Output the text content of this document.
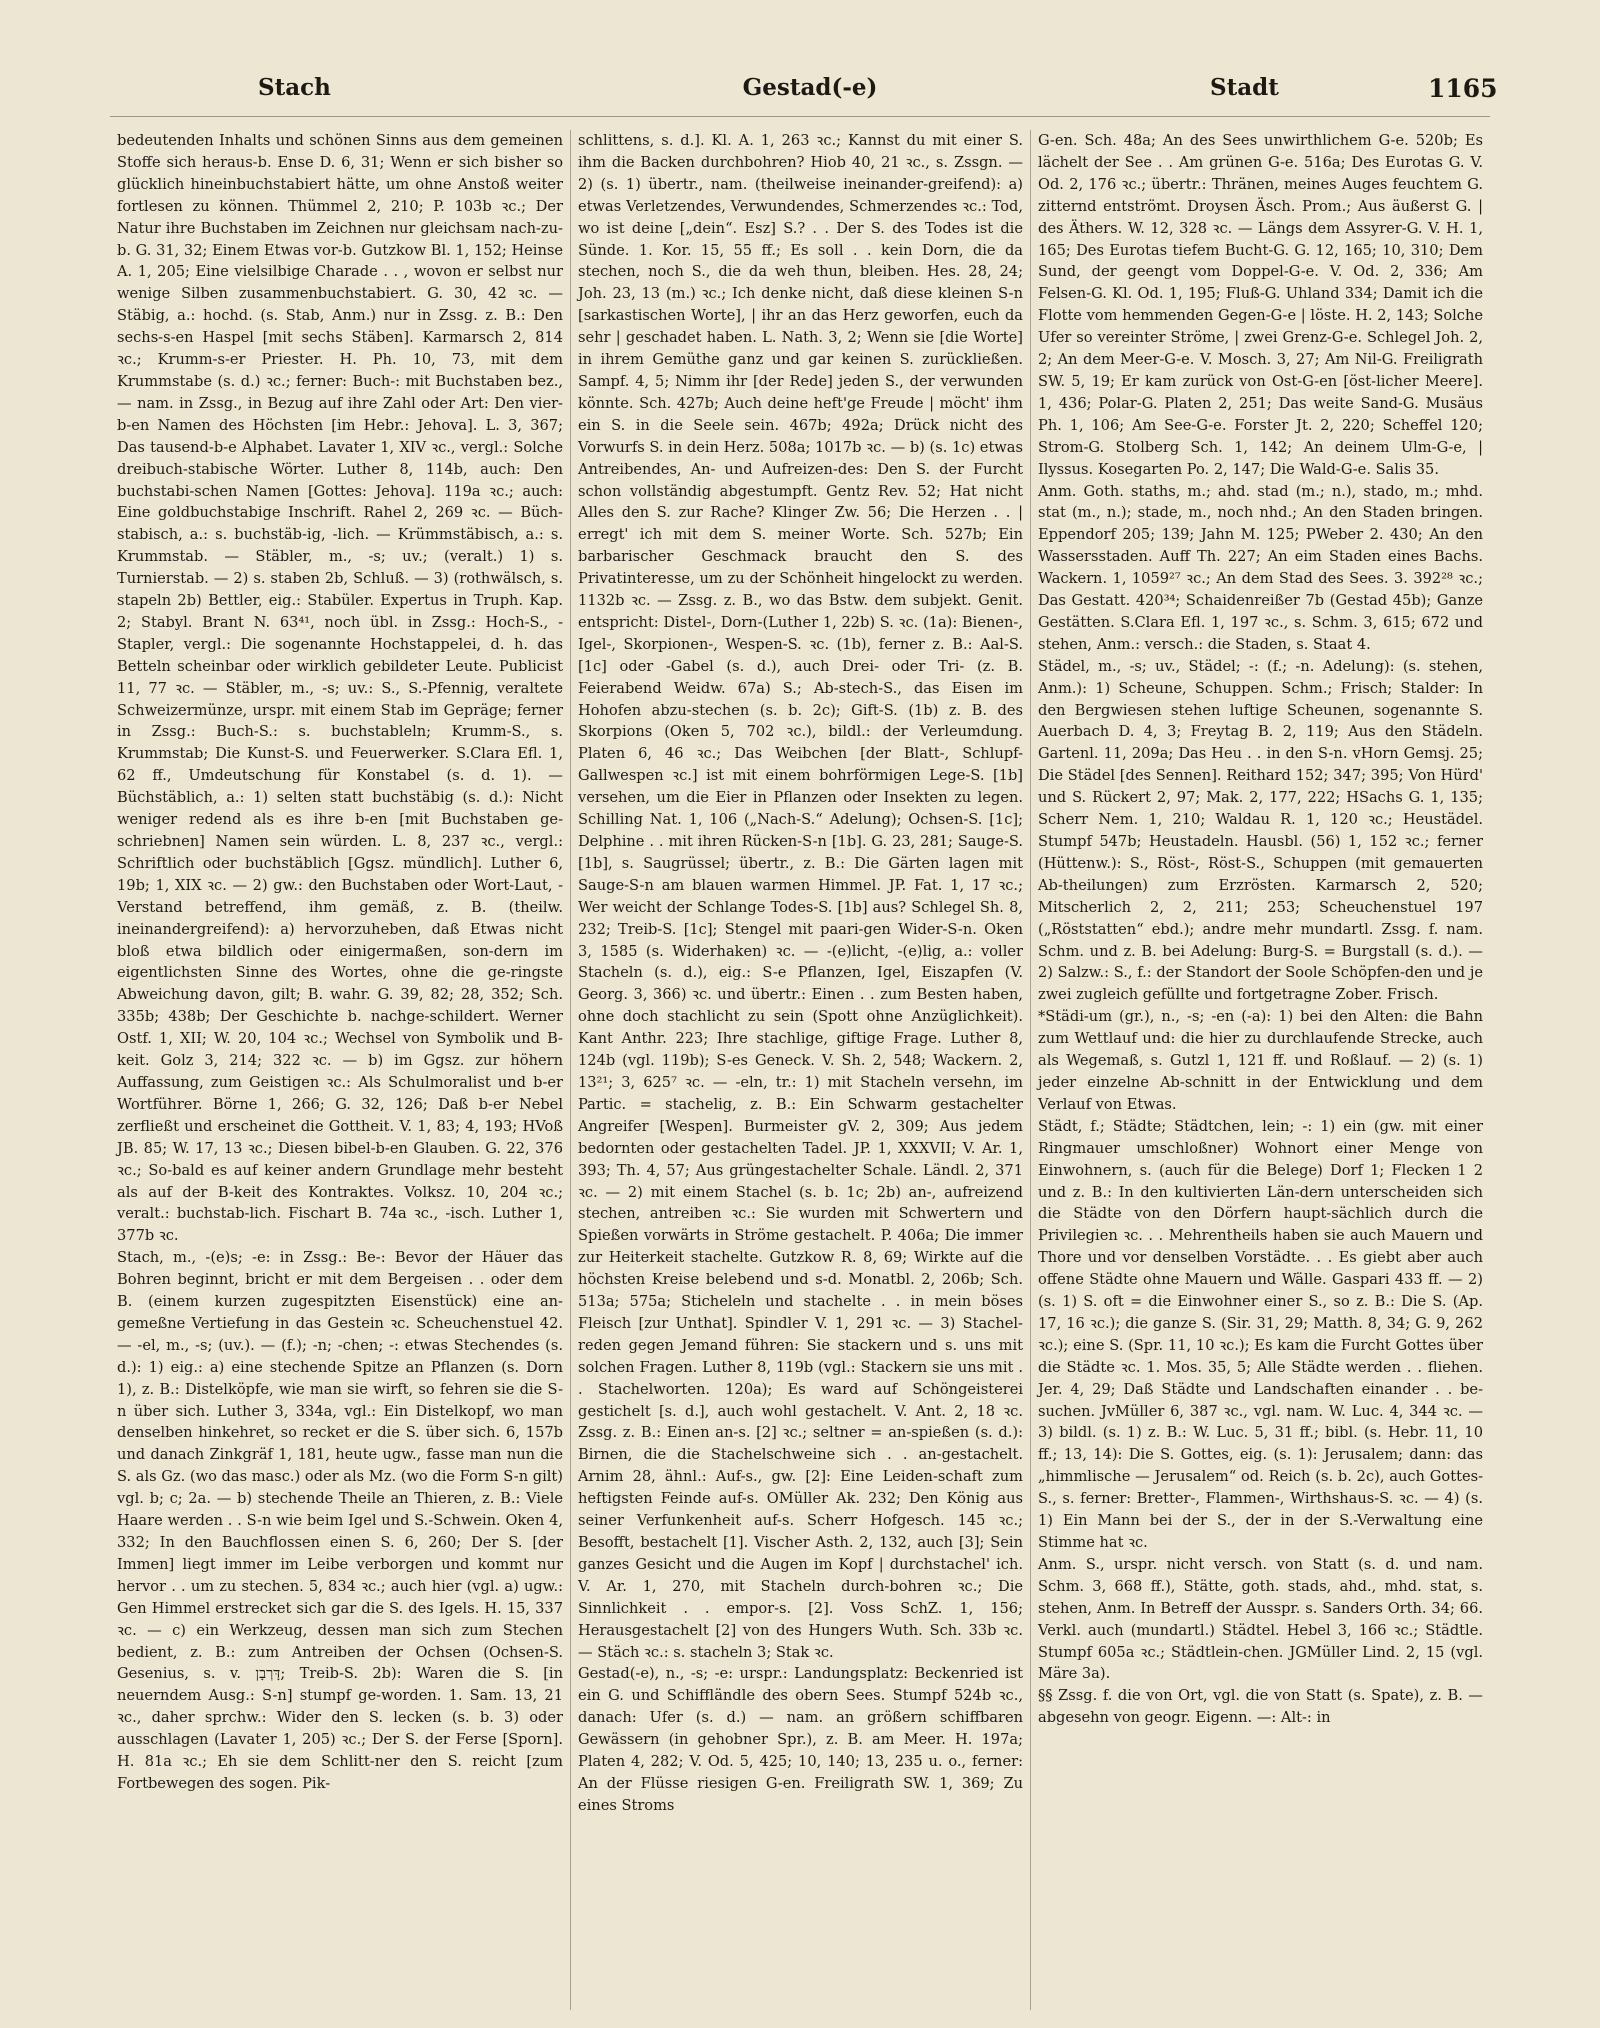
Stach	Gestad(-e)	Stadt	1165

bedeutenden Inhalts und schönen Sinns aus dem gemeinen Stoffe sich heraus-b. Ense D. 6, 31; Wenn er sich bisher so glücklich hineinbuchstabiert hätte, um ohne Anstoß weiter fortlesen zu können. Thümmel 2, 210; P. 103b ꝛc.; Der Natur ihre Buchstaben im Zeichnen nur gleichsam nach-zu-b. G. 31, 32; Einem Etwas vor-b. Gutzkow Bl. 1, 152; Heinse A. 1, 205; Eine vielsilbige Charade . . , wovon er selbst nur wenige Silben zusammenbuchstabiert. G. 30, 42 ꝛc. — Stäbig, a.: hochd. (s. Stab, Anm.) nur in Zssg. z. B.: Den sechs-s-en Haspel [mit sechs Stäben]. Karmarsch 2, 814 ꝛc.; Krumm-s-er Priester. H. Ph. 10, 73, mit dem Krummstabe (s. d.) ꝛc.; ferner: Buch-: mit Buchstaben bez., — nam. in Zssg., in Bezug auf ihre Zahl oder Art: Den vier-b-en Namen des Höchsten [im Hebr.: Jehova]. L. 3, 367; Das tausend-b-e Alphabet. Lavater 1, XIV ꝛc., vergl.: Solche dreibuch-stabische Wörter. Luther 8, 114b, auch: Den buchstabi-schen Namen [Gottes: Jehova]. 119a ꝛc.; auch: Eine goldbuchstabige Inschrift. Rahel 2, 269 ꝛc. — Büch-stabisch, a.: s. buchstäb-ig, -lich. — Krümmstäbisch, a.: s. Krummstab. — Stäbler, m., -s; uv.; (veralt.) 1) s. Turnierstab. — 2) s. staben 2b, Schluß. — 3) (rothwälsch, s. stapeln 2b) Bettler, eig.: Stabüler. Expertus in Truph. Kap. 2; Stabyl. Brant N. 63⁴¹, noch übl. in Zssg.: Hoch-S., -Stapler, vergl.: Die sogenannte Hochstappelei, d. h. das Betteln scheinbar oder wirklich gebildeter Leute. Publicist 11, 77 ꝛc. — Stäbler, m., -s; uv.: S., S.-Pfennig, veraltete Schweizermünze, urspr. mit einem Stab im Gepräge; ferner in Zssg.: Buch-S.: s. buchstableln; Krumm-S., s. Krummstab; Die Kunst-S. und Feuerwerker. S.Clara Efl. 1, 62 ff., Umdeutschung für Konstabel (s. d. 1). — Büchstäblich, a.: 1) selten statt buchstäbig (s. d.): Nicht weniger redend als es ihre b-en [mit Buchstaben ge-schriebnen] Namen sein würden. L. 8, 237 ꝛc., vergl.: Schriftlich oder buchstäblich [Ggsz. mündlich]. Luther 6, 19b; 1, XIX ꝛc. — 2) gw.: den Buchstaben oder Wort-Laut, -Verstand betreffend, ihm gemäß, z. B. (theilw. ineinandergreifend): a) hervorzuheben, daß Etwas nicht bloß etwa bildlich oder einigermaßen, son-dern im eigentlichsten Sinne des Wortes, ohne die ge-ringste Abweichung davon, gilt; B. wahr. G. 39, 82; 28, 352; Sch. 335b; 438b; Der Geschichte b. nachge-schildert. Werner Ostf. 1, XII; W. 20, 104 ꝛc.; Wechsel von Symbolik und B-keit. Golz 3, 214; 322 ꝛc. — b) im Ggsz. zur höhern Auffassung, zum Geistigen ꝛc.: Als Schulmoralist und b-er Wortführer. Börne 1, 266; G. 32, 126; Daß b-er Nebel zerfließt und erscheinet die Gottheit. V. 1, 83; 4, 193; HVoß JB. 85; W. 17, 13 ꝛc.; Diesen bibel-b-en Glauben. G. 22, 376 ꝛc.; So-bald es auf keiner andern Grundlage mehr besteht als auf der B-keit des Kontraktes. Volksz. 10, 204 ꝛc.; veralt.: buchstab-lich. Fischart B. 74a ꝛc., -isch. Luther 1, 377b ꝛc.

Stach, m., -(e)s; -e: in Zssg.: Be-: Bevor der Häuer das Bohren beginnt, bricht er mit dem Bergeisen . . oder dem B. (einem kurzen zugespitzten Eisenstück) eine an-gemeßne Vertiefung in das Gestein ꝛc. Scheuchenstuel 42. — -el, m., -s; (uv.). — (f.); -n; -chen; -: etwas Stechendes (s. d.): 1) eig.: a) eine stechende Spitze an Pflanzen (s. Dorn 1), z. B.: Distelköpfe, wie man sie wirft, so fehren sie die S-n über sich. Luther 3, 334a, vgl.: Ein Distelkopf, wo man denselben hinkehret, so recket er die S. über sich. 6, 157b und danach Zinkgräf 1, 181, heute ugw., fasse man nun die S. als Gz. (wo das masc.) oder als Mz. (wo die Form S-n gilt) vgl. b; c; 2a. — b) stechende Theile an Thieren, z. B.: Viele Haare werden . . S-n wie beim Igel und S.-Schwein. Oken 4, 332; In den Bauchflossen einen S. 6, 260; Der S. [der Immen] liegt immer im Leibe verborgen und kommt nur hervor . . um zu stechen. 5, 834 ꝛc.; auch hier (vgl. a) ugw.: Gen Himmel erstrecket sich gar die S. des Igels. H. 15, 337 ꝛc. — c) ein Werkzeug, dessen man sich zum Stechen bedient, z. B.: zum Antreiben der Ochsen (Ochsen-S. Gesenius, s. v. דָּרְבָן; Treib-S. 2b): Waren die S. [in neuerndem Ausg.: S-n] stumpf ge-worden. 1. Sam. 13, 21 ꝛc., daher sprchw.: Wider den S. lecken (s. b. 3) oder ausschlagen (Lavater 1, 205) ꝛc.; Der S. der Ferse [Sporn]. H. 81a ꝛc.; Eh sie dem Schlitt-ner den S. reicht [zum Fortbewegen des sogen. Pik-

schlittens, s. d.]. Kl. A. 1, 263 ꝛc.; Kannst du mit einer S. ihm die Backen durchbohren? Hiob 40, 21 ꝛc., s. Zssgn. — 2) (s. 1) übertr., nam. (theilweise ineinander-greifend): a) etwas Verletzendes, Verwundendes, Schmerzendes ꝛc.: Tod, wo ist deine [„dein“. Esz] S.? . . Der S. des Todes ist die Sünde. 1. Kor. 15, 55 ff.; Es soll . . kein Dorn, die da stechen, noch S., die da weh thun, bleiben. Hes. 28, 24; Joh. 23, 13 (m.) ꝛc.; Ich denke nicht, daß diese kleinen S-n [sarkastischen Worte], | ihr an das Herz geworfen, euch da sehr | geschadet haben. L. Nath. 3, 2; Wenn sie [die Worte] in ihrem Gemüthe ganz und gar keinen S. zurückließen. Sampf. 4, 5; Nimm ihr [der Rede] jeden S., der verwunden könnte. Sch. 427b; Auch deine heft'ge Freude | möcht' ihm ein S. in die Seele sein. 467b; 492a; Drück nicht des Vorwurfs S. in dein Herz. 508a; 1017b ꝛc. — b) (s. 1c) etwas Antreibendes, An- und Aufreizen-des: Den S. der Furcht schon vollständig abgestumpft. Gentz Rev. 52; Hat nicht Alles den S. zur Rache? Klinger Zw. 56; Die Herzen . . | erregt' ich mit dem S. meiner Worte. Sch. 527b; Ein barbarischer Geschmack braucht den S. des Privatinteresse, um zu der Schönheit hingelockt zu werden. 1132b ꝛc. — Zssg. z. B., wo das Bstw. dem subjekt. Genit. entspricht: Distel-, Dorn-(Luther 1, 22b) S. ꝛc. (1a): Bienen-, Igel-, Skorpionen-, Wespen-S. ꝛc. (1b), ferner z. B.: Aal-S. [1c] oder -Gabel (s. d.), auch Drei- oder Tri- (z. B. Feierabend Weidw. 67a) S.; Ab-stech-S., das Eisen im Hohofen abzu-stechen (s. b. 2c); Gift-S. (1b) z. B. des Skorpions (Oken 5, 702 ꝛc.), bildl.: der Verleumdung. Platen 6, 46 ꝛc.; Das Weibchen [der Blatt-, Schlupf-Gallwespen ꝛc.] ist mit einem bohrförmigen Lege-S. [1b] versehen, um die Eier in Pflanzen oder Insekten zu legen. Schilling Nat. 1, 106 („Nach-S.“ Adelung); Ochsen-S. [1c]; Delphine . . mit ihren Rücken-S-n [1b]. G. 23, 281; Sauge-S. [1b], s. Saugrüssel; übertr., z. B.: Die Gärten lagen mit Sauge-S-n am blauen warmen Himmel. JP. Fat. 1, 17 ꝛc.; Wer weicht der Schlange Todes-S. [1b] aus? Schlegel Sh. 8, 232; Treib-S. [1c]; Stengel mit paari-gen Wider-S-n. Oken 3, 1585 (s. Widerhaken) ꝛc. — -(e)licht, -(e)lig, a.: voller Stacheln (s. d.), eig.: S-e Pflanzen, Igel, Eiszapfen (V. Georg. 3, 366) ꝛc. und übertr.: Einen . . zum Besten haben, ohne doch stachlicht zu sein (Spott ohne Anzüglichkeit). Kant Anthr. 223; Ihre stachlige, giftige Frage. Luther 8, 124b (vgl. 119b); S-es Geneck. V. Sh. 2, 548; Wackern. 2, 13²¹; 3, 625⁷ ꝛc. — -eln, tr.: 1) mit Stacheln versehn, im Partic. = stachelig, z. B.: Ein Schwarm gestachelter Angreifer [Wespen]. Burmeister gV. 2, 309; Aus jedem bedornten oder gestachelten Tadel. JP. 1, XXXVII; V. Ar. 1, 393; Th. 4, 57; Aus grüngestachelter Schale. Ländl. 2, 371 ꝛc. — 2) mit einem Stachel (s. b. 1c; 2b) an-, aufreizend stechen, antreiben ꝛc.: Sie wurden mit Schwertern und Spießen vorwärts in Ströme gestachelt. P. 406a; Die immer zur Heiterkeit stachelte. Gutzkow R. 8, 69; Wirkte auf die höchsten Kreise belebend und s-d. Monatbl. 2, 206b; Sch. 513a; 575a; Sticheleln und stachelte . . in mein böses Fleisch [zur Unthat]. Spindler V. 1, 291 ꝛc. — 3) Stachel-reden gegen Jemand führen: Sie stackern und s. uns mit solchen Fragen. Luther 8, 119b (vgl.: Stackern sie uns mit . . Stachelworten. 120a); Es ward auf Schöngeisterei gestichelt [s. d.], auch wohl gestachelt. V. Ant. 2, 18 ꝛc. Zssg. z. B.: Einen an-s. [2] ꝛc.; seltner = an-spießen (s. d.): Birnen, die die Stachelschweine sich . . an-gestachelt. Arnim 28, ähnl.: Auf-s., gw. [2]: Eine Leiden-schaft zum heftigsten Feinde auf-s. OMüller Ak. 232; Den König aus seiner Verfunkenheit auf-s. Scherr Hofgesch. 145 ꝛc.; Besofft, bestachelt [1]. Vischer Asth. 2, 132, auch [3]; Sein ganzes Gesicht und die Augen im Kopf | durchstachel' ich. V. Ar. 1, 270, mit Stacheln durch-bohren ꝛc.; Die Sinnlichkeit . . empor-s. [2]. Voss SchZ. 1, 156; Herausgestachelt [2] von des Hungers Wuth. Sch. 33b ꝛc. — Stäch ꝛc.: s. stacheln 3; Stak ꝛc.

Gestad(-e), n., -s; -e: urspr.: Landungsplatz: Beckenried ist ein G. und Schiffländle des obern Sees. Stumpf 524b ꝛc., danach: Ufer (s. d.) — nam. an größern schiffbaren Gewässern (in gehobner Spr.), z. B. am Meer. H. 197a; Platen 4, 282; V. Od. 5, 425; 10, 140; 13, 235 u. o., ferner: An der Flüsse riesigen G-en. Freiligrath SW. 1, 369; Zu eines Stroms

G-en. Sch. 48a; An des Sees unwirthlichem G-e. 520b; Es lächelt der See . . Am grünen G-e. 516a; Des Eurotas G. V. Od. 2, 176 ꝛc.; übertr.: Thränen, meines Auges feuchtem G. zitternd entströmt. Droysen Äsch. Prom.; Aus äußerst G. | des Äthers. W. 12, 328 ꝛc. — Längs dem Assyrer-G. V. H. 1, 165; Des Eurotas tiefem Bucht-G. G. 12, 165; 10, 310; Dem Sund, der geengt vom Doppel-G-e. V. Od. 2, 336; Am Felsen-G. Kl. Od. 1, 195; Fluß-G. Uhland 334; Damit ich die Flotte vom hemmenden Gegen-G-e | löste. H. 2, 143; Solche Ufer so vereinter Ströme, | zwei Grenz-G-e. Schlegel Joh. 2, 2; An dem Meer-G-e. V. Mosch. 3, 27; Am Nil-G. Freiligrath SW. 5, 19; Er kam zurück von Ost-G-en [öst-licher Meere]. 1, 436; Polar-G. Platen 2, 251; Das weite Sand-G. Musäus Ph. 1, 106; Am See-G-e. Forster Jt. 2, 220; Scheffel 120; Strom-G. Stolberg Sch. 1, 142; An deinem Ulm-G-e, | Ilyssus. Kosegarten Po. 2, 147; Die Wald-G-e. Salis 35.

Anm. Goth. staths, m.; ahd. stad (m.; n.), stado, m.; mhd. stat (m., n.); stade, m., noch nhd.; An den Staden bringen. Eppendorf 205; 139; Jahn M. 125; PWeber 2. 430; An den Wassersstaden. Auff Th. 227; An eim Staden eines Bachs. Wackern. 1, 1059²⁷ ꝛc.; An dem Stad des Sees. 3. 392²⁸ ꝛc.; Das Gestatt. 420³⁴; Schaidenreißer 7b (Gestad 45b); Ganze Gestätten. S.Clara Efl. 1, 197 ꝛc., s. Schm. 3, 615; 672 und stehen, Anm.: versch.: die Staden, s. Staat 4.

Städel, m., -s; uv., Städel; -: (f.; -n. Adelung): (s. stehen, Anm.): 1) Scheune, Schuppen. Schm.; Frisch; Stalder: In den Bergwiesen stehen luftige Scheunen, sogenannte S. Auerbach D. 4, 3; Freytag B. 2, 119; Aus den Städeln. Gartenl. 11, 209a; Das Heu . . in den S-n. vHorn Gemsj. 25; Die Städel [des Sennen]. Reithard 152; 347; 395; Von Hürd' und S. Rückert 2, 97; Mak. 2, 177, 222; HSachs G. 1, 135; Scherr Nem. 1, 210; Waldau R. 1, 120 ꝛc.; Heustädel. Stumpf 547b; Heustadeln. Hausbl. (56) 1, 152 ꝛc.; ferner (Hüttenw.): S., Röst-, Röst-S., Schuppen (mit gemauerten Ab-theilungen) zum Erzrösten. Karmarsch 2, 520; Mitscherlich 2, 2, 211; 253; Scheuchenstuel 197 („Röststatten“ ebd.); andre mehr mundartl. Zssg. f. nam. Schm. und z. B. bei Adelung: Burg-S. = Burgstall (s. d.). — 2) Salzw.: S., f.: der Standort der Soole Schöpfen-den und je zwei zugleich gefüllte und fortgetragne Zober. Frisch.

*Städi-um (gr.), n., -s; -en (-a): 1) bei den Alten: die Bahn zum Wettlauf und: die hier zu durchlaufende Strecke, auch als Wegemaß, s. Gutzl 1, 121 ff. und Roßlauf. — 2) (s. 1) jeder einzelne Ab-schnitt in der Entwicklung und dem Verlauf von Etwas.

Städt, f.; Städte; Städtchen, lein; -: 1) ein (gw. mit einer Ringmauer umschloßner) Wohnort einer Menge von Einwohnern, s. (auch für die Belege) Dorf 1; Flecken 1 2 und z. B.: In den kultivierten Län-dern unterscheiden sich die Städte von den Dörfern haupt-sächlich durch die Privilegien ꝛc. . . Mehrentheils haben sie auch Mauern und Thore und vor denselben Vorstädte. . . Es giebt aber auch offene Städte ohne Mauern und Wälle. Gaspari 433 ff. — 2) (s. 1) S. oft = die Einwohner einer S., so z. B.: Die S. (Ap. 17, 16 ꝛc.); die ganze S. (Sir. 31, 29; Matth. 8, 34; G. 9, 262 ꝛc.); eine S. (Spr. 11, 10 ꝛc.); Es kam die Furcht Gottes über die Städte ꝛc. 1. Mos. 35, 5; Alle Städte werden . . fliehen. Jer. 4, 29; Daß Städte und Landschaften einander . . be-suchen. JvMüller 6, 387 ꝛc., vgl. nam. W. Luc. 4, 344 ꝛc. — 3) bildl. (s. 1) z. B.: W. Luc. 5, 31 ff.; bibl. (s. Hebr. 11, 10 ff.; 13, 14): Die S. Gottes, eig. (s. 1): Jerusalem; dann: das „himmlische — Jerusalem“ od. Reich (s. b. 2c), auch Gottes-S., s. ferner: Bretter-, Flammen-, Wirthshaus-S. ꝛc. — 4) (s. 1) Ein Mann bei der S., der in der S.-Verwaltung eine Stimme hat ꝛc.

Anm. S., urspr. nicht versch. von Statt (s. d. und nam. Schm. 3, 668 ff.), Stätte, goth. stads, ahd., mhd. stat, s. stehen, Anm. In Betreff der Ausspr. s. Sanders Orth. 34; 66. Verkl. auch (mundartl.) Städtel. Hebel 3, 166 ꝛc.; Städtle. Stumpf 605a ꝛc.; Städtlein-chen. JGMüller Lind. 2, 15 (vgl. Märe 3a).

§§ Zssg. f. die von Ort, vgl. die von Statt (s. Spate), z. B. — abgesehn von geogr. Eigenn. —: Alt-: in
